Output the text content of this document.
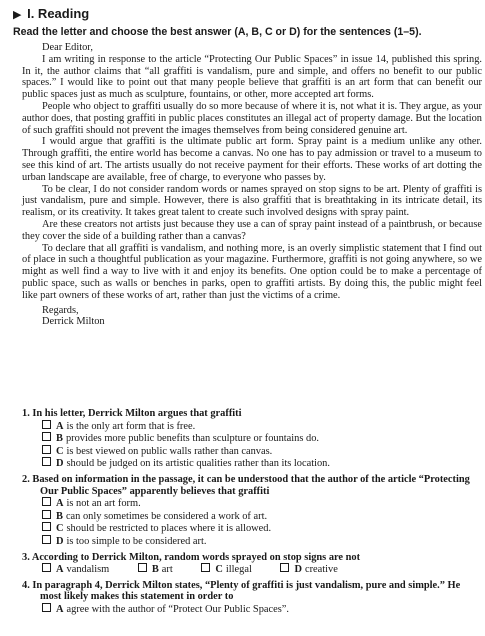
▶ I. Reading
Read the letter and choose the best answer (A, B, C or D) for the sentences (1–5).

Dear Editor,

I am writing in response to the article “Protecting Our Public Spaces” in issue 14, published this spring. In it, the author claims that “all graffiti is vandalism, pure and simple, and offers no benefit to our public spaces.” I would like to point out that many people believe that graffiti is an art form that can benefit our public spaces just as much as sculpture, fountains, or other, more accepted art forms.

People who object to graffiti usually do so more because of where it is, not what it is. They argue, as your author does, that posting graffiti in public places constitutes an illegal act of property damage. But the location of such graffiti should not prevent the images themselves from being considered genuine art.

I would argue that graffiti is the ultimate public art form. Spray paint is a medium unlike any other. Through graffiti, the entire world has become a canvas. No one has to pay admission or travel to a museum to see this kind of art. The artists usually do not receive payment for their efforts. These works of art dotting the urban landscape are available, free of charge, to everyone who passes by.

To be clear, I do not consider random words or names sprayed on stop signs to be art. Plenty of graffiti is just vandalism, pure and simple. However, there is also graffiti that is breathtaking in its intricate detail, its realism, or its creativity. It takes great talent to create such involved designs with spray paint.

Are these creators not artists just because they use a can of spray paint instead of a paintbrush, or because they cover the side of a building rather than a canvas?

To declare that all graffiti is vandalism, and nothing more, is an overly simplistic statement that I find out of place in such a thoughtful publication as your magazine. Furthermore, graffiti is not going anywhere, so we might as well find a way to live with it and enjoy its benefits. One option could be to make a percentage of public space, such as walls or benches in parks, open to graffiti artists. By doing this, the public might feel like part owners of these works of art, rather than just the victims of a crime.

Regards,
Derrick Milton
1. In his letter, Derrick Milton argues that graffiti
A is the only art form that is free.
B provides more public benefits than sculpture or fountains do.
C is best viewed on public walls rather than canvas.
D should be judged on its artistic qualities rather than its location.
2. Based on information in the passage, it can be understood that the author of the article “Protecting Our Public Spaces” apparently believes that graffiti
A is not an art form.
B can only sometimes be considered a work of art.
C should be restricted to places where it is allowed.
D is too simple to be considered art.
3. According to Derrick Milton, random words sprayed on stop signs are not
A vandalism	B art	C illegal	D creative
4. In paragraph 4, Derrick Milton states, “Plenty of graffiti is just vandalism, pure and simple.” He most likely makes this statement in order to
A agree with the author of “Protect Our Public Spaces”.
